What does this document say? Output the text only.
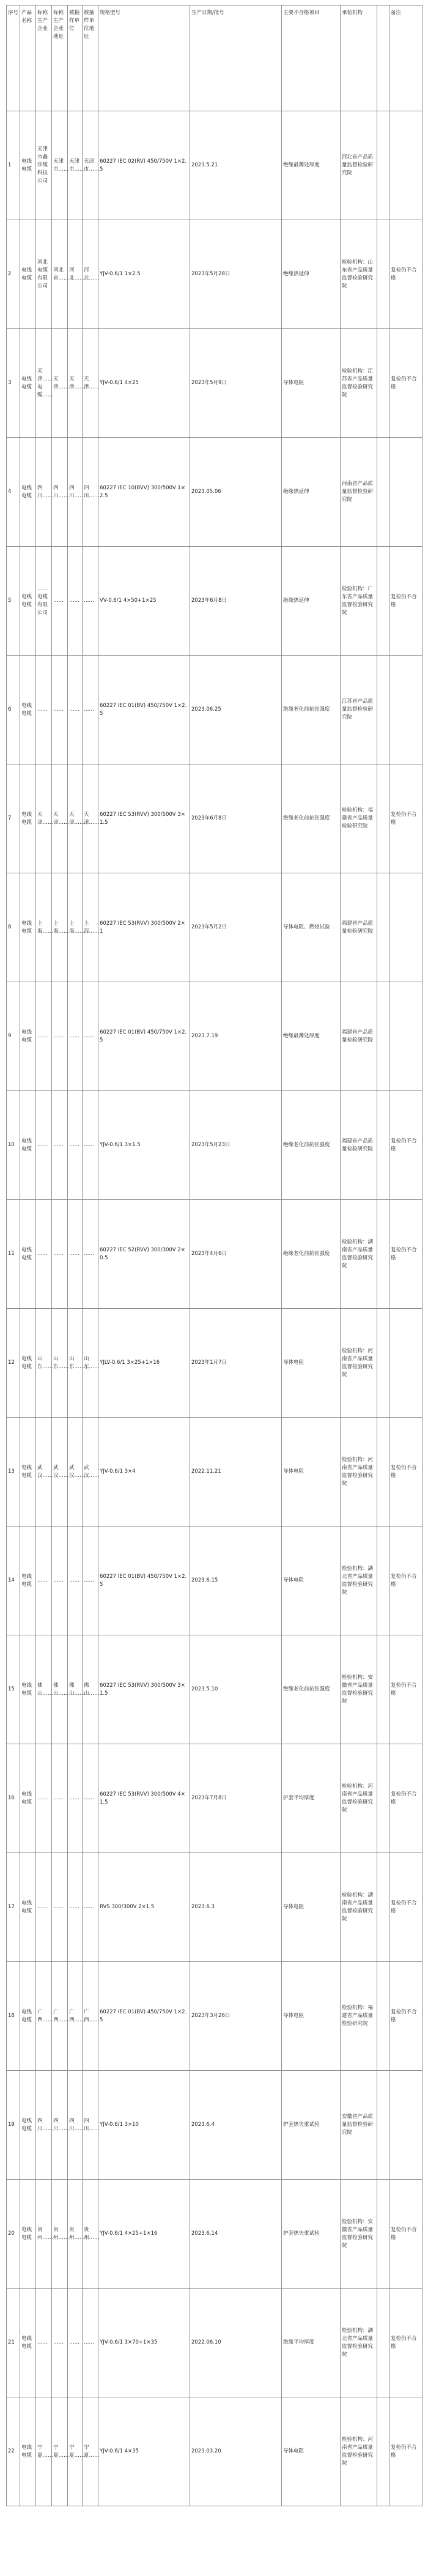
序号	产品名称	标称生产企业	标称生产企业地址	被抽样单位	被抽样单位地址	规格型号	生产日期/批号	主要不合格项目	承检机构		备注
1	电线电缆	天津市鑫华缆科技公司	天津市……	天津市……	天津市……	60227 IEC 02(RV) 450/750V 1×2.5	2023.5.21	绝缘最薄处厚度	河北省产品质量监督检验研究院		
2	电线电缆	河北电缆有限公司	河北省……	河北……	河北……	YJV-0.6/1 1×2.5	2023年5月28日	绝缘热延伸	检验机构：山东省产品质量监督检验研究院		复检仍不合格
3	电线电缆	天津……电缆……	天津……	天津……	天津……	YJV-0.6/1 4×25	2023年5月9日	导体电阻	检验机构：江苏省产品质量监督检验研究院		复检仍不合格
4	电线电缆	四川……	四川……	四川……	四川……	60227 IEC 10(BVV) 300/500V 1×2.5	2023.05.06	绝缘热延伸	河南省产品质量监督检验研究院		
5	电线电缆	……电缆有限公司	……	……	……	VV-0.6/1 4×50+1×25	2023年6月8日	绝缘热延伸	检验机构：广东省产品质量监督检验研究院		复检仍不合格
6	电线电缆	……	……	……	……	60227 IEC 01(BV) 450/750V 1×2.5	2023.06.25	绝缘老化前抗张强度	江苏省产品质量监督检验研究院		
7	电线电缆	天津……	天津……	天津……	天津……	60227 IEC 53(RVV) 300/500V 3×1.5	2023年6月8日	绝缘老化前抗张强度	检验机构：福建省产品质量检验研究院		复检仍不合格
8	电线电缆	上海……	上海……	上海……	上海……	60227 IEC 53(RVV) 300/500V 2×1	2023年5月2日	导体电阻、燃烧试验	福建省产品质量检验研究院		
9	电线电缆	……	……	……	……	60227 IEC 01(BV) 450/750V 1×2.5	2023.7.19	绝缘最薄处厚度	福建省产品质量检验研究院		
10	电线电缆	……	……	……	……	YJV-0.6/1 3×1.5	2023年5月23日	绝缘老化前抗张强度	福建省产品质量检验研究院		复检仍不合格
11	电线电缆	……	……	……	……	60227 IEC 52(RVV) 300/300V 2×0.5	2023年4月6日	绝缘老化前抗张强度	检验机构：湖南省产品质量监督检验研究院		复检仍不合格
12	电线电缆	山东……	山东……	山东……	山东……	YJLV-0.6/1 3×25+1×16	2023年1月7日	导体电阻	检验机构：河南省产品质量监督检验研究院		
13	电线电缆	武汉……	武汉……	武汉……	武汉……	YJV-0.6/1 3×4	2022.11.21	导体电阻	检验机构：河南省产品质量监督检验研究院		复检仍不合格
14	电线电缆	……	……	……	……	60227 IEC 01(BV) 450/750V 1×2.5	2023.6.15	导体电阻	检验机构：湖北省产品质量监督检验研究院		复检仍不合格
15	电线电缆	佛山……	佛山……	佛山……	佛山……	60227 IEC 53(RVV) 300/500V 3×1.5	2023.5.10	绝缘老化前抗张强度	检验机构：安徽省产品质量监督检验研究院		复检仍不合格
16	电线电缆	……	……	……	……	60227 IEC 53(RVV) 300/500V 4×1.5	2023年7月8日	护套平均厚度	检验机构：河南省产品质量监督检验研究院		复检仍不合格
17	电线电缆	……	……	……	……	RVS 300/300V 2×1.5	2023.6.3	导体电阻	检验机构：湖南省产品质量监督检验研究院		复检仍不合格
18	电线电缆	广西……	广西……	广西……	广西……	60227 IEC 01(BV) 450/750V 1×2.5	2023年3月26日	导体电阻	检验机构：福建省产品质量检验研究院		复检仍不合格
19	电线电缆	四川……	四川……	四川……	四川……	YJV-0.6/1 3×10	2023.6.4	护套热失重试验	安徽省产品质量监督检验研究院		
20	电线电缆	贵州……	贵州……	贵州……	贵州……	YJV-0.6/1 4×25+1×16	2023.6.14	护套热失重试验	检验机构：安徽省产品质量监督检验研究院		复检仍不合格
21	电线电缆	……	……	……	……	YJV-0.6/1 3×70+1×35	2022.06.10	绝缘平均厚度	检验机构：湖北省产品质量监督检验研究院		复检仍不合格
22	电线电缆	宁夏……	宁夏……	宁夏……	宁夏……	YJV-0.6/1 4×35	2023.03.20	导体电阻	检验机构：河南省产品质量监督检验研究院		复检仍不合格
